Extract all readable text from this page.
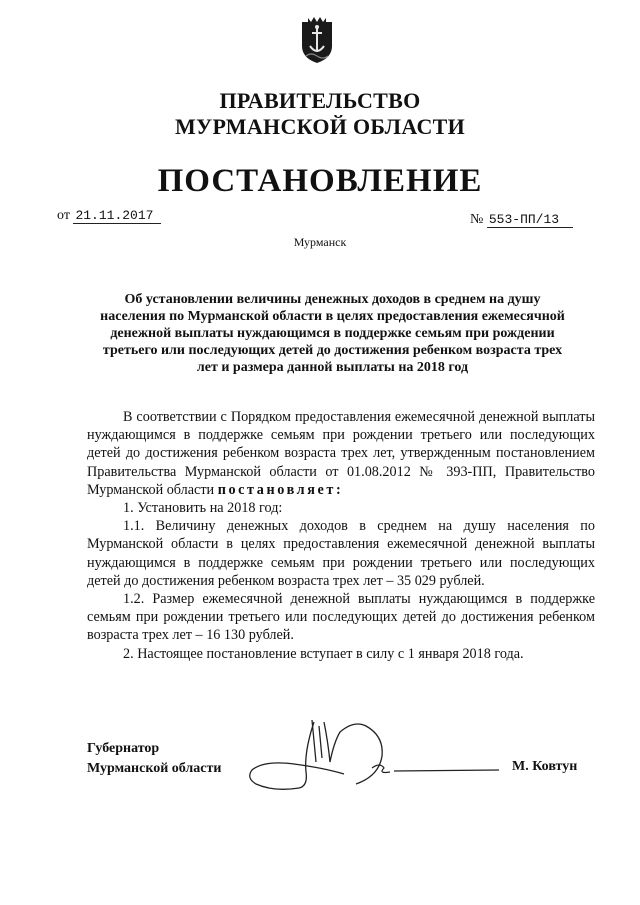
ПРАВИТЕЛЬСТВО
МУРМАНСКОЙ ОБЛАСТИ
ПОСТАНОВЛЕНИЕ
от 21.11.2017	№ 553-ПП/13
Мурманск
Об установлении величины денежных доходов в среднем на душу населения по Мурманской области в целях предоставления ежемесячной денежной выплаты нуждающимся в поддержке семьям при рождении третьего или последующих детей до достижения ребенком возраста трех лет и размера данной выплаты на 2018 год

В соответствии с Порядком предоставления ежемесячной денежной выплаты нуждающимся в поддержке семьям при рождении третьего или последующих детей до достижения ребенком возраста трех лет, утвержденным постановлением Правительства Мурманской области от 01.08.2012 № 393-ПП, Правительство Мурманской области постановляет:

1. Установить на 2018 год:

1.1. Величину денежных доходов в среднем на душу населения по Мурманской области в целях предоставления ежемесячной денежной выплаты нуждающимся в поддержке семьям при рождении третьего или последующих детей до достижения ребенком возраста трех лет – 35 029 рублей.

1.2. Размер ежемесячной денежной выплаты нуждающимся в поддержке семьям при рождении третьего или последующих детей до достижения ребенком возраста трех лет – 16 130 рублей.

2. Настоящее постановление вступает в силу с 1 января 2018 года.

Губернатор
Мурманской области	М. Ковтун
